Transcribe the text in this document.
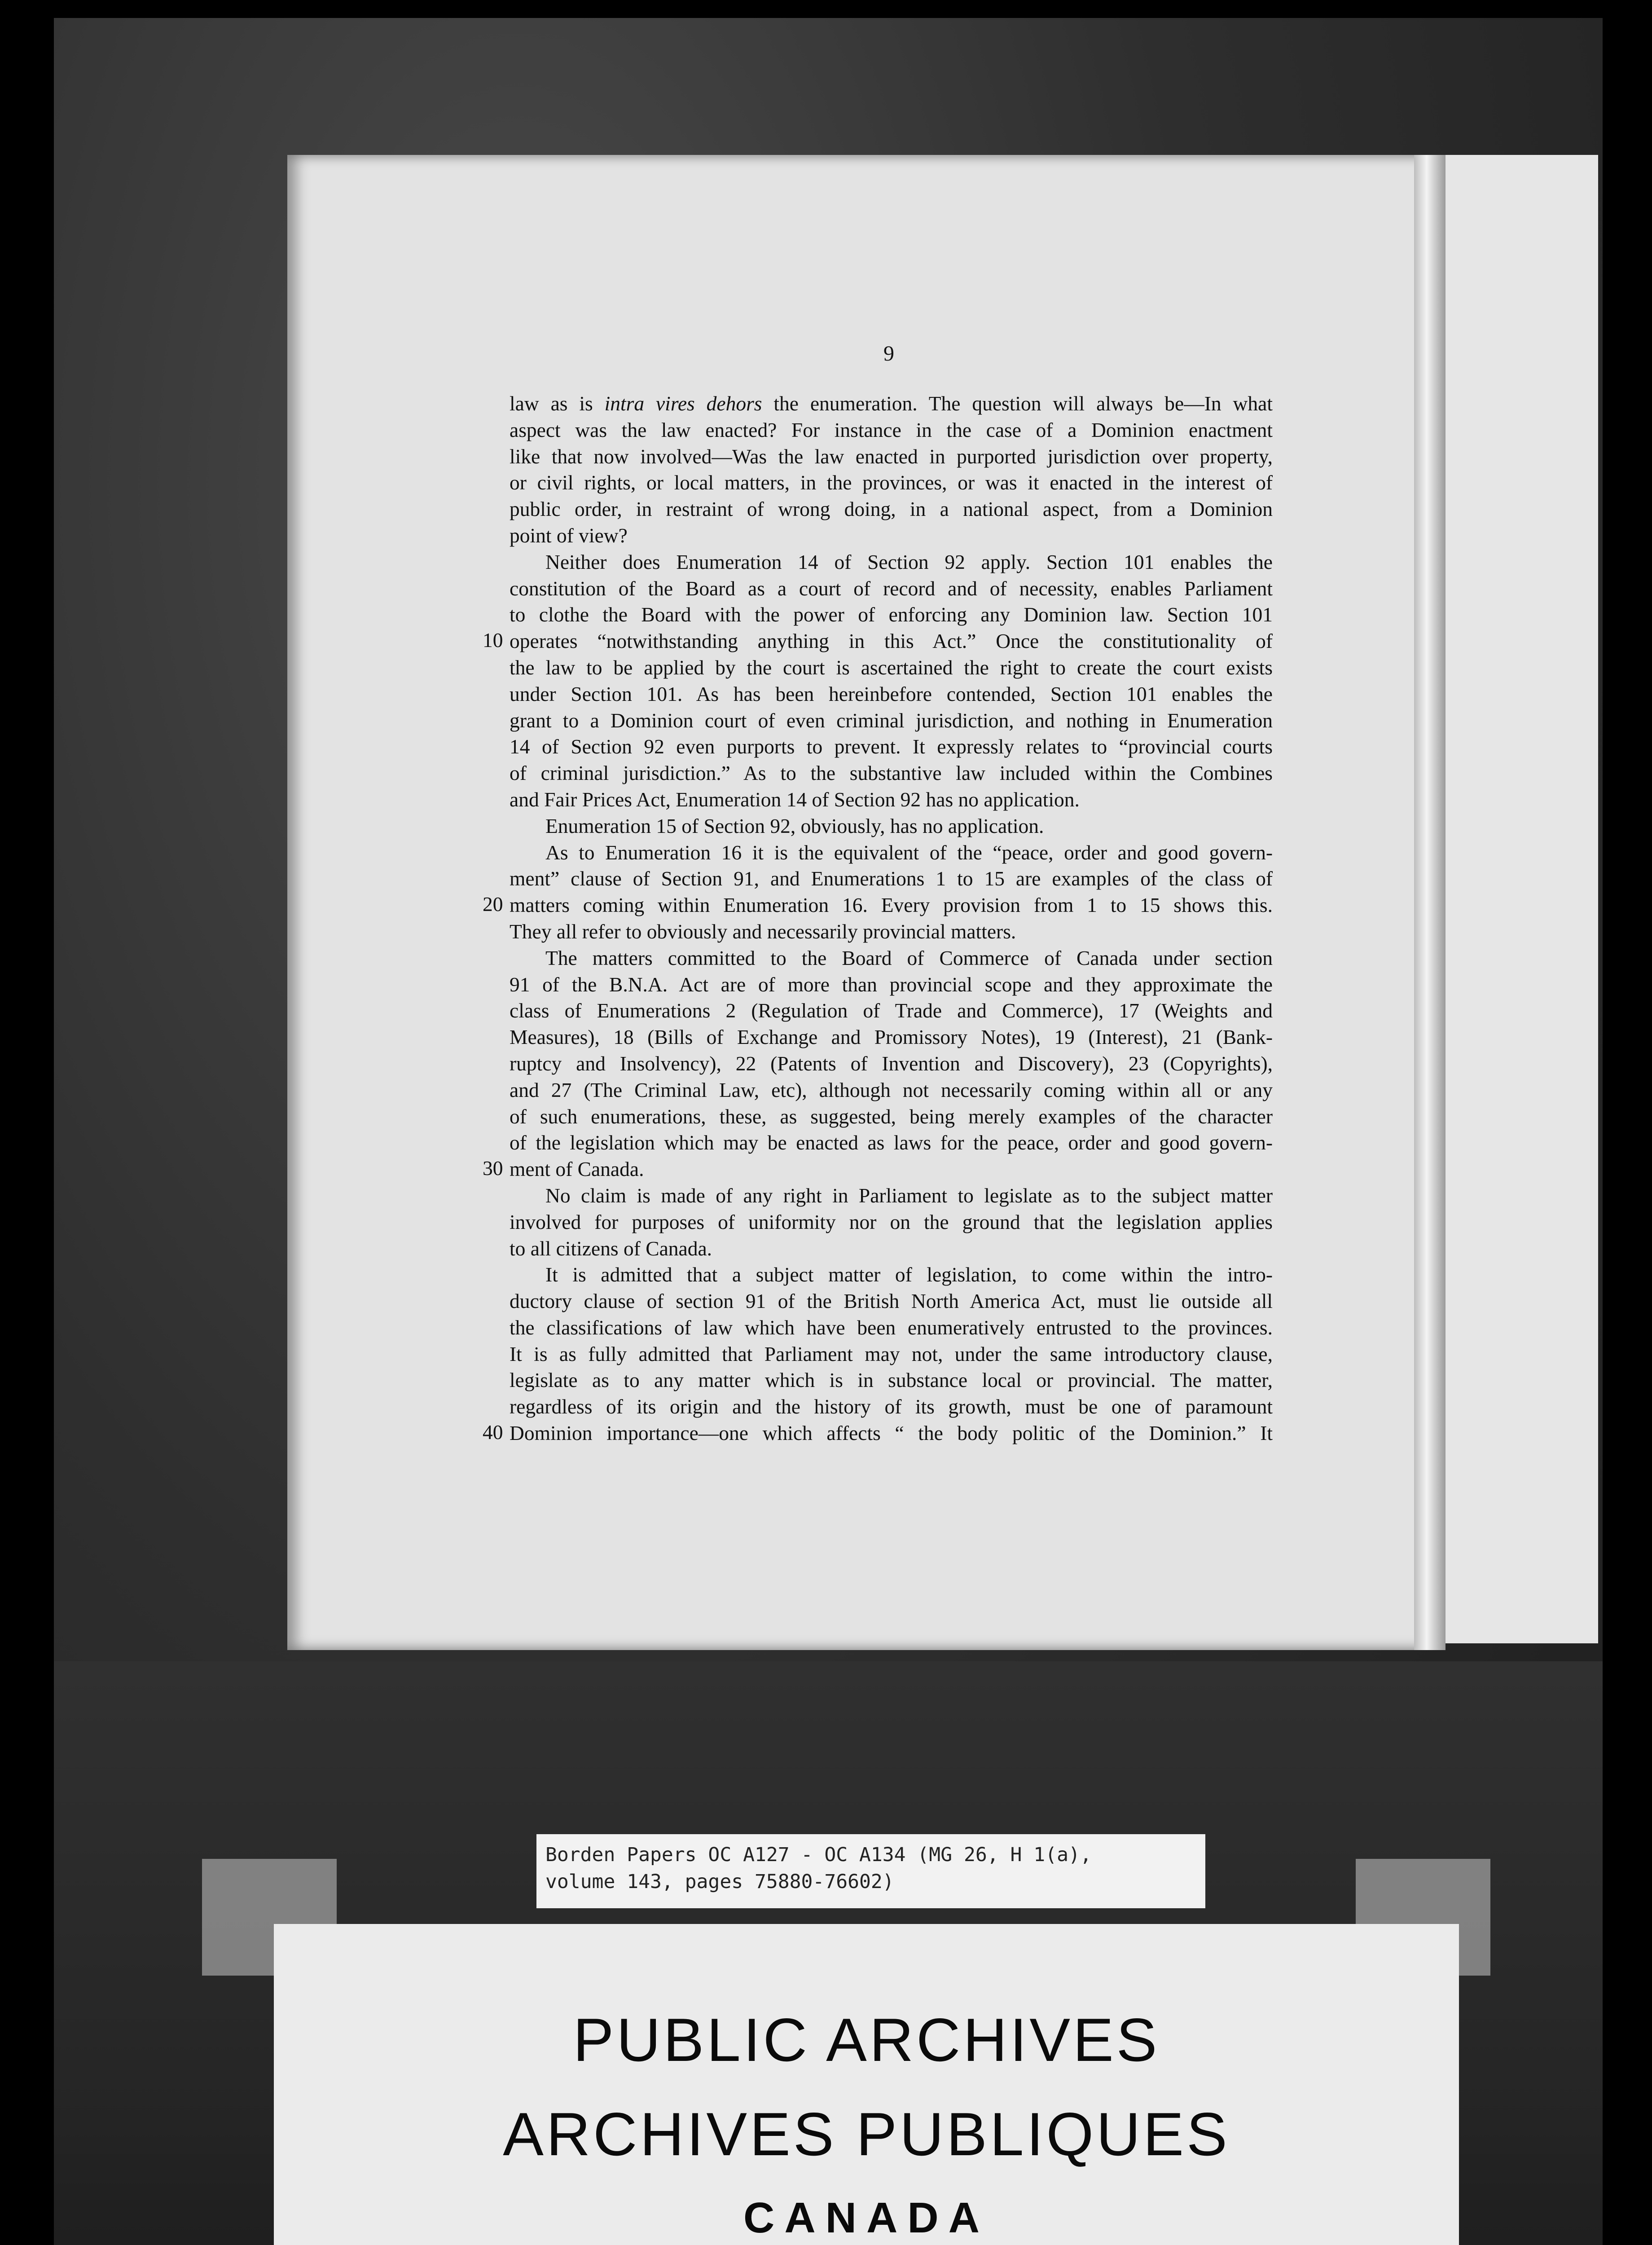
9
law as is intra vires dehors the enumeration. The question will always be—In what
aspect was the law enacted? For instance in the case of a Dominion enactment
like that now involved—Was the law enacted in purported jurisdiction over property,
or civil rights, or local matters, in the provinces, or was it enacted in the interest of
public order, in restraint of wrong doing, in a national aspect, from a Dominion
point of view?
Neither does Enumeration 14 of Section 92 apply. Section 101 enables the
constitution of the Board as a court of record and of necessity, enables Parliament
to clothe the Board with the power of enforcing any Dominion law. Section 101
operates “notwithstanding anything in this Act.” Once the constitutionality of
the law to be applied by the court is ascertained the right to create the court exists
under Section 101. As has been hereinbefore contended, Section 101 enables the
grant to a Dominion court of even criminal jurisdiction, and nothing in Enumeration
14 of Section 92 even purports to prevent. It expressly relates to “provincial courts
of criminal jurisdiction.” As to the substantive law included within the Combines
and Fair Prices Act, Enumeration 14 of Section 92 has no application.
Enumeration 15 of Section 92, obviously, has no application.
As to Enumeration 16 it is the equivalent of the “peace, order and good govern-
ment” clause of Section 91, and Enumerations 1 to 15 are examples of the class of
matters coming within Enumeration 16. Every provision from 1 to 15 shows this.
They all refer to obviously and necessarily provincial matters.
The matters committed to the Board of Commerce of Canada under section
91 of the B.N.A. Act are of more than provincial scope and they approximate the
class of Enumerations 2 (Regulation of Trade and Commerce), 17 (Weights and
Measures), 18 (Bills of Exchange and Promissory Notes), 19 (Interest), 21 (Bank-
ruptcy and Insolvency), 22 (Patents of Invention and Discovery), 23 (Copyrights),
and 27 (The Criminal Law, etc), although not necessarily coming within all or any
of such enumerations, these, as suggested, being merely examples of the character
of the legislation which may be enacted as laws for the peace, order and good govern-
ment of Canada.
No claim is made of any right in Parliament to legislate as to the subject matter
involved for purposes of uniformity nor on the ground that the legislation applies
to all citizens of Canada.
It is admitted that a subject matter of legislation, to come within the intro-
ductory clause of section 91 of the British North America Act, must lie outside all
the classifications of law which have been enumeratively entrusted to the provinces.
It is as fully admitted that Parliament may not, under the same introductory clause,
legislate as to any matter which is in substance local or provincial. The matter,
regardless of its origin and the history of its growth, must be one of paramount
Dominion importance—one which affects “ the body politic of the Dominion.” It
10
20
30
40
Borden Papers OC A127 - OC A134 (MG 26, H 1(a),
volume 143, pages 75880-76602)
PUBLIC ARCHIVES
ARCHIVES PUBLIQUES
CANADA
